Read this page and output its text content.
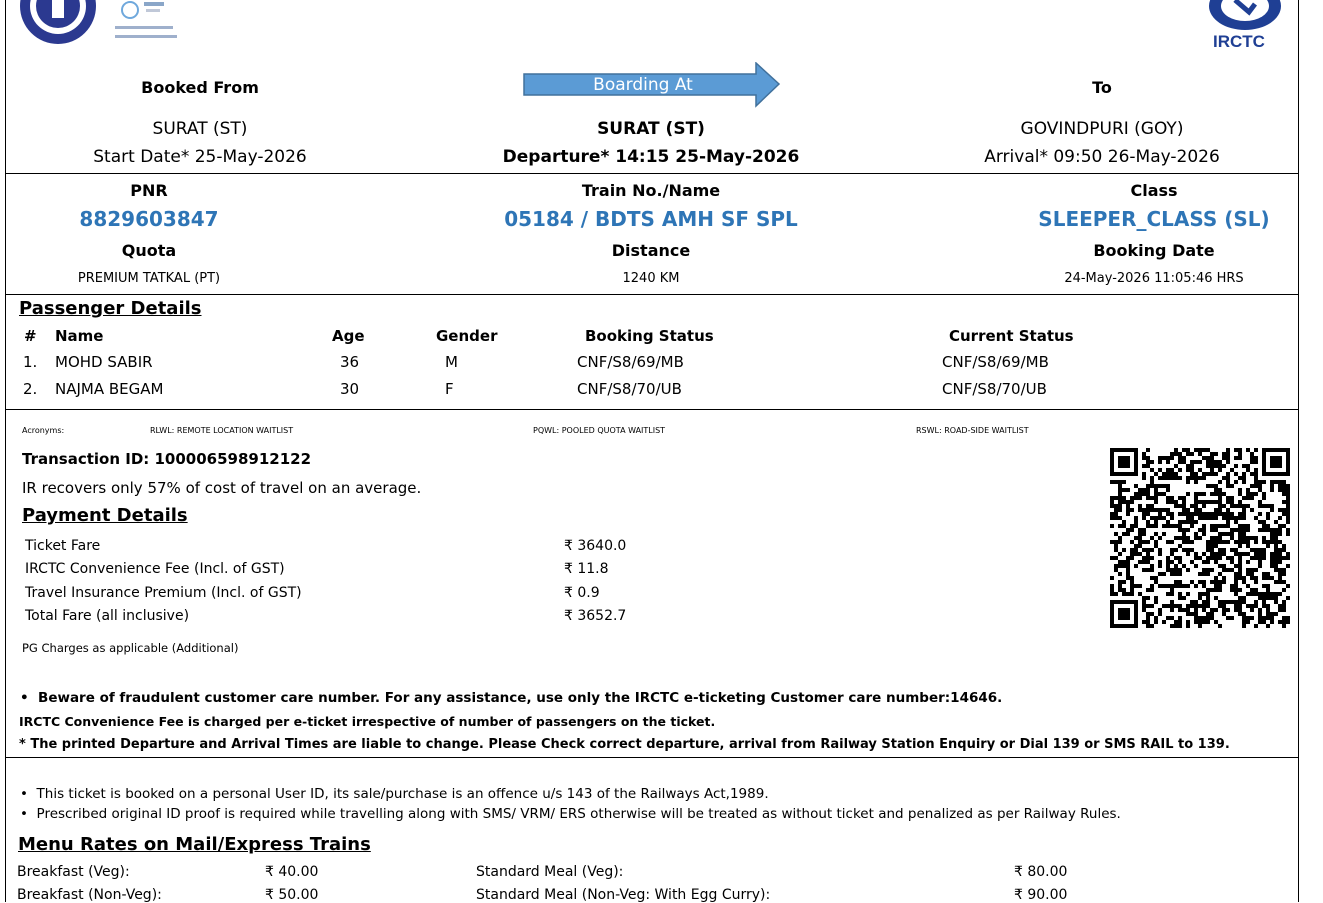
IRCTC
Booked From	Boarding At	To
SURAT (ST)	SURAT (ST)	GOVINDPURI (GOY)
Start Date* 25-May-2026	Departure* 14:15 25-May-2026	Arrival* 09:50 26-May-2026
PNR	Train No./Name	Class
8829603847	05184 / BDTS AMH SF SPL	SLEEPER_CLASS (SL)
Quota	Distance	Booking Date
PREMIUM TATKAL (PT)	1240 KM	24-May-2026 11:05:46 HRS
Passenger Details
# Name	Age	Gender	Booking Status	Current Status
1. MOHD SABIR	36	M	CNF/S8/69/MB	CNF/S8/69/MB
2. NAJMA BEGAM	30	F	CNF/S8/70/UB	CNF/S8/70/UB
Acronyms:	RLWL: REMOTE LOCATION WAITLIST	PQWL: POOLED QUOTA WAITLIST	RSWL: ROAD-SIDE WAITLIST
Transaction ID: 100006598912122
IR recovers only 57% of cost of travel on an average.
Payment Details
Ticket Fare	₹ 3640.0
IRCTC Convenience Fee (Incl. of GST)	₹ 11.8
Travel Insurance Premium (Incl. of GST)	₹ 0.9
Total Fare (all inclusive)	₹ 3652.7
PG Charges as applicable (Additional)
•  Beware of fraudulent customer care number. For any assistance, use only the IRCTC e-ticketing Customer care number:14646.
IRCTC Convenience Fee is charged per e-ticket irrespective of number of passengers on the ticket.
* The printed Departure and Arrival Times are liable to change. Please Check correct departure, arrival from Railway Station Enquiry or Dial 139 or SMS RAIL to 139.
•  This ticket is booked on a personal User ID, its sale/purchase is an offence u/s 143 of the Railways Act,1989.
•  Prescribed original ID proof is required while travelling along with SMS/ VRM/ ERS otherwise will be treated as without ticket and penalized as per Railway Rules.
Menu Rates on Mail/Express Trains
Breakfast (Veg):	₹ 40.00	Standard Meal (Veg):	₹ 80.00
Breakfast (Non-Veg):	₹ 50.00	Standard Meal (Non-Veg: With Egg Curry):	₹ 90.00
